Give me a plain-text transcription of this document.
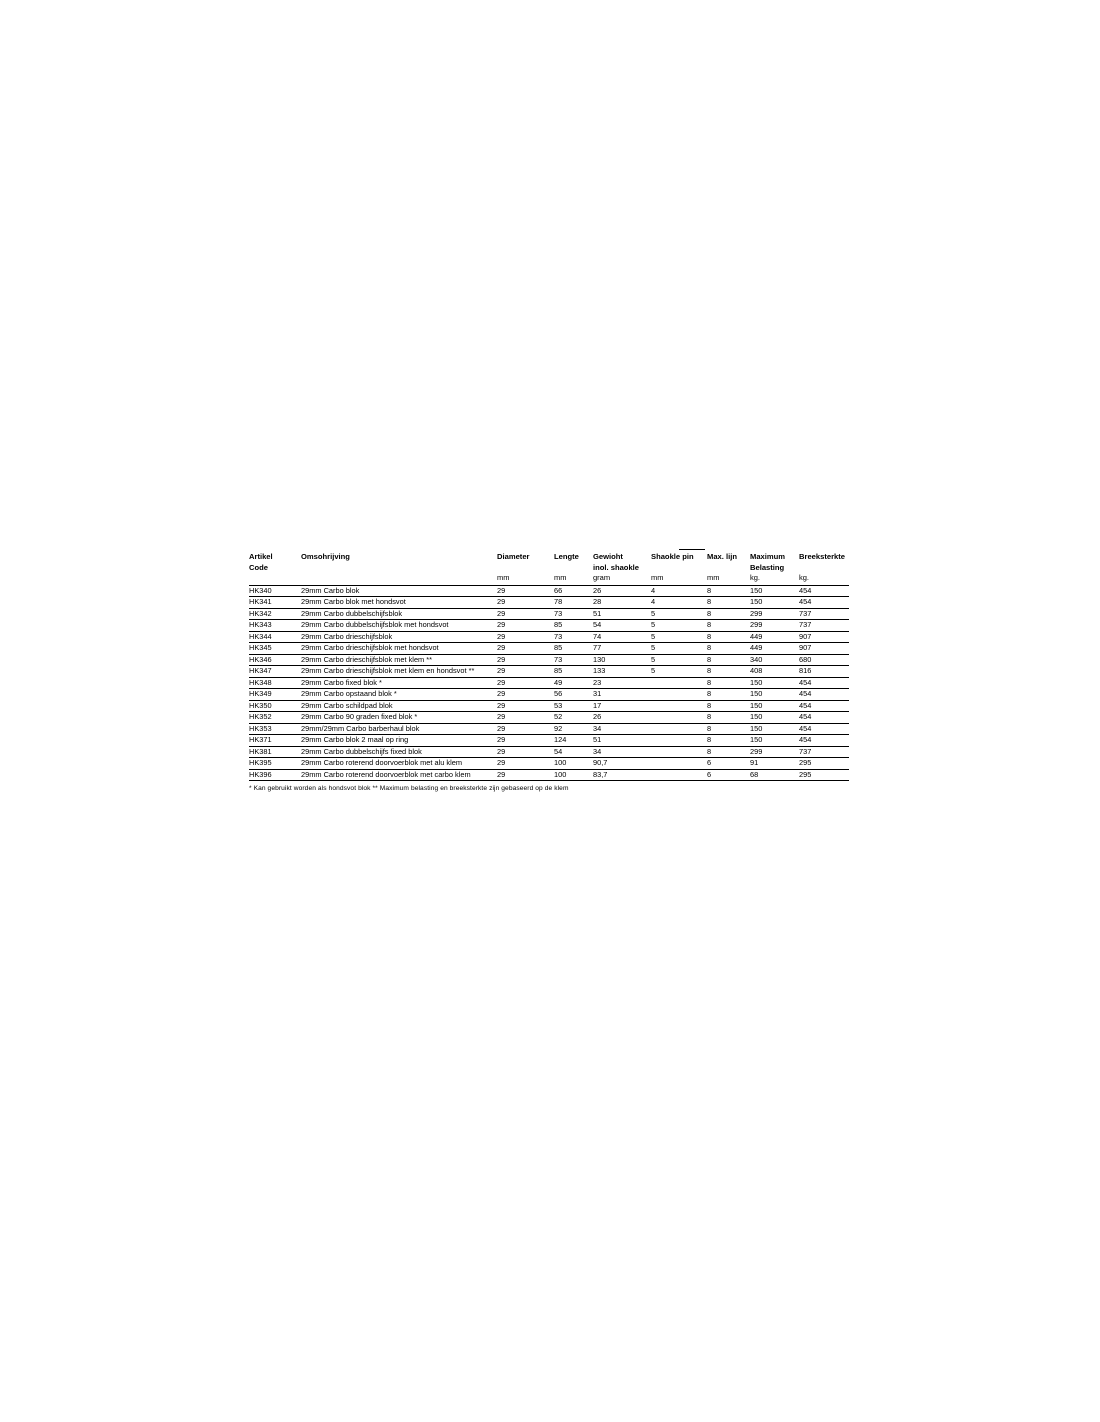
Artikel	Omsohrijving	Diameter	Lengte	Gewioht	Shaokle pin	Max. lijn	Maximum	Breeksterkte
Code				inol. shaokle			Belasting	
		mm	mm	gram	mm	mm	kg.	kg.
HK340	29mm Carbo blok	29	66	26	4	8	150	454
HK341	29mm Carbo blok met hondsvot	29	78	28	4	8	150	454
HK342	29mm Carbo dubbelschijfsblok	29	73	51	5	8	299	737
HK343	29mm Carbo dubbelschijfsblok met hondsvot	29	85	54	5	8	299	737
HK344	29mm Carbo drieschijfsblok	29	73	74	5	8	449	907
HK345	29mm Carbo drieschijfsblok met hondsvot	29	85	77	5	8	449	907
HK346	29mm Carbo drieschijfsblok met klem **	29	73	130	5	8	340	680
HK347	29mm Carbo drieschijfsblok met klem en hondsvot **	29	85	133	5	8	408	816
HK348	29mm Carbo fixed blok *	29	49	23		8	150	454
HK349	29mm Carbo opstaand blok *	29	56	31		8	150	454
HK350	29mm Carbo schildpad blok	29	53	17		8	150	454
HK352	29mm Carbo 90 graden fixed blok *	29	52	26		8	150	454
HK353	29mm/29mm Carbo barberhaul blok	29	92	34		8	150	454
HK371	29mm Carbo blok 2 maal op ring	29	124	51		8	150	454
HK381	29mm Carbo dubbelschijfs fixed blok	29	54	34		8	299	737
HK395	29mm Carbo roterend doorvoerblok met alu klem	29	100	90,7		6	91	295
HK396	29mm Carbo roterend doorvoerblok met carbo klem	29	100	83,7		6	68	295
* Kan gebruikt worden als hondsvot blok ** Maximum belasting en breeksterkte zijn gebaseerd op de klem
